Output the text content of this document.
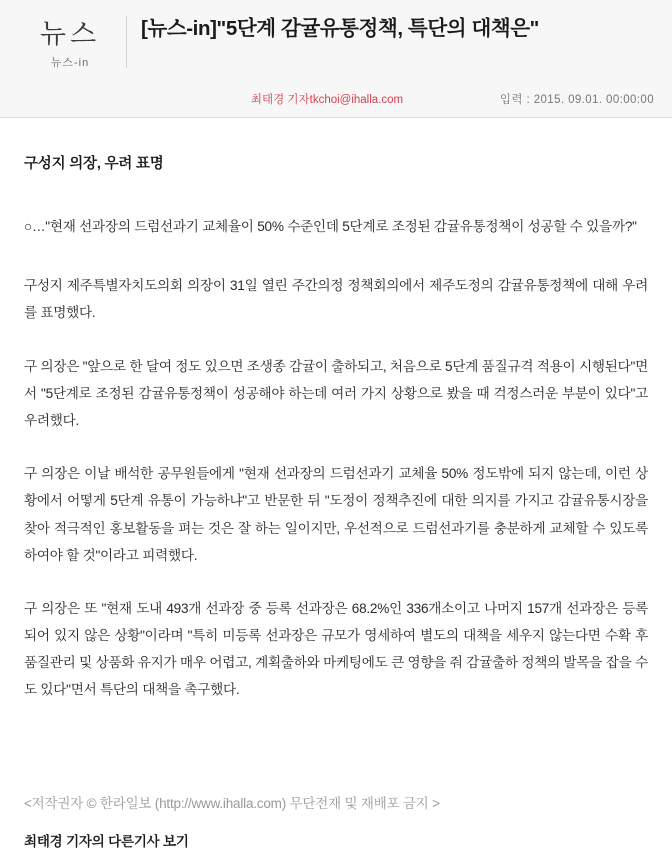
뉴스
뉴스-in
[뉴스-in]"5단계 감귤유통정책, 특단의 대책은"
최태경 기자tkchoi@ihalla.com	입력 : 2015. 09.01. 00:00:00
구성지 의장, 우려 표명

○…"현재 선과장의 드럼선과기 교체율이 50% 수준인데 5단계로 조정된 감귤유통정책이 성공할 수 있을까?"

구성지 제주특별자치도의회 의장이 31일 열린 주간의정 정책회의에서 제주도정의 감귤유통정책에 대해 우려를 표명했다.

구 의장은 "앞으로 한 달여 정도 있으면 조생종 감귤이 출하되고, 처음으로 5단계 품질규격 적용이 시행된다"면서 "5단계로 조정된 감귤유통정책이 성공해야 하는데 여러 가지 상황으로 봤을 때 걱정스러운 부분이 있다"고 우려했다.

구 의장은 이날 배석한 공무원들에게 "현재 선과장의 드럼선과기 교체율 50% 정도밖에 되지 않는데, 이런 상황에서 어떻게 5단계 유통이 가능하냐"고 반문한 뒤 "도정이 정책추진에 대한 의지를 가지고 감귤유통시장을 찾아 적극적인 홍보활동을 펴는 것은 잘 하는 일이지만, 우선적으로 드럼선과기를 충분하게 교체할 수 있도록 하여야 할 것"이라고 피력했다.

구 의장은 또 "현재 도내 493개 선과장 중 등록 선과장은 68.2%인 336개소이고 나머지 157개 선과장은 등록되어 있지 않은 상황"이라며 "특히 미등록 선과장은 규모가 영세하여 별도의 대책을 세우지 않는다면 수확 후 품질관리 및 상품화 유지가 매우 어렵고, 계획출하와 마케팅에도 큰 영향을 줘 감귤출하 정책의 발목을 잡을 수도 있다"면서 특단의 대책을 촉구했다.

<저작권자 © 한라일보 (http://www.ihalla.com) 무단전재 및 재배포 금지 >
최태경 기자의 다른기사 보기
